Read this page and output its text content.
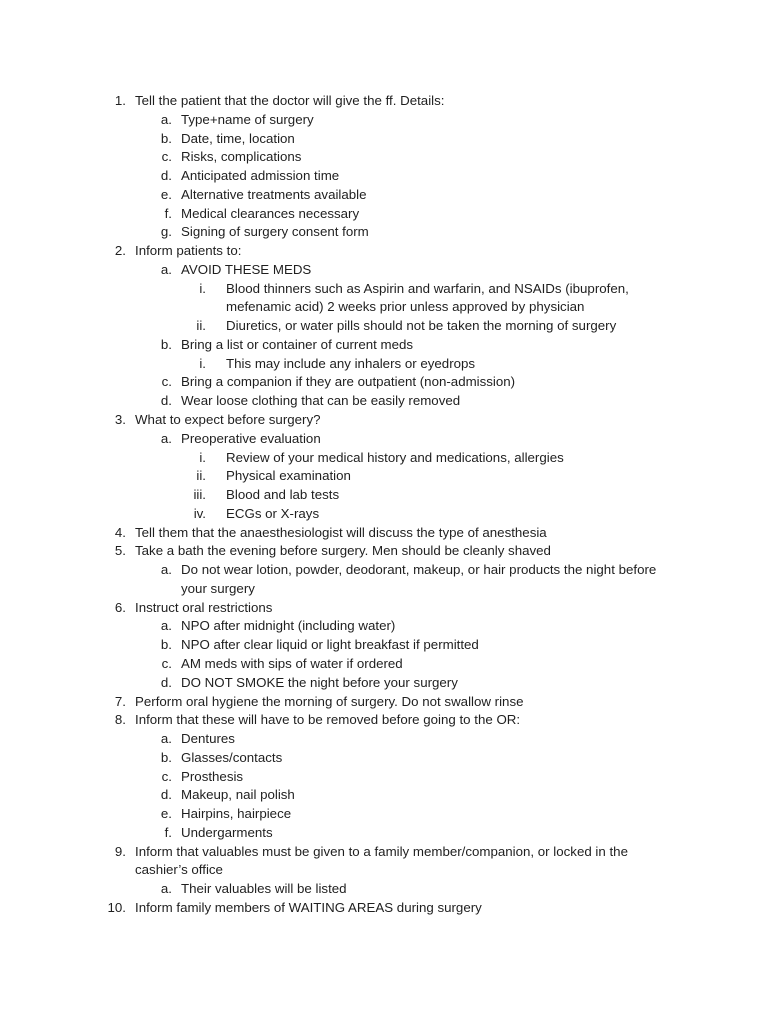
1. Tell the patient that the doctor will give the ff. Details:
a. Type+name of surgery
b. Date, time, location
c. Risks, complications
d. Anticipated admission time
e. Alternative treatments available
f. Medical clearances necessary
g. Signing of surgery consent form
2. Inform patients to:
a. AVOID THESE MEDS
i. Blood thinners such as Aspirin and warfarin, and NSAIDs (ibuprofen,
mefenamic acid) 2 weeks prior unless approved by physician
ii. Diuretics, or water pills should not be taken the morning of surgery
b. Bring a list or container of current meds
i. This may include any inhalers or eyedrops
c. Bring a companion if they are outpatient (non-admission)
d. Wear loose clothing that can be easily removed
3. What to expect before surgery?
a. Preoperative evaluation
i. Review of your medical history and medications, allergies
ii. Physical examination
iii. Blood and lab tests
iv. ECGs or X-rays
4. Tell them that the anaesthesiologist will discuss the type of anesthesia
5. Take a bath the evening before surgery. Men should be cleanly shaved
a. Do not wear lotion, powder, deodorant, makeup, or hair products the night before
your surgery
6. Instruct oral restrictions
a. NPO after midnight (including water)
b. NPO after clear liquid or light breakfast if permitted
c. AM meds with sips of water if ordered
d. DO NOT SMOKE the night before your surgery
7. Perform oral hygiene the morning of surgery. Do not swallow rinse
8. Inform that these will have to be removed before going to the OR:
a. Dentures
b. Glasses/contacts
c. Prosthesis
d. Makeup, nail polish
e. Hairpins, hairpiece
f. Undergarments
9. Inform that valuables must be given to a family member/companion, or locked in the
cashier’s office
a. Their valuables will be listed
10. Inform family members of WAITING AREAS during surgery
